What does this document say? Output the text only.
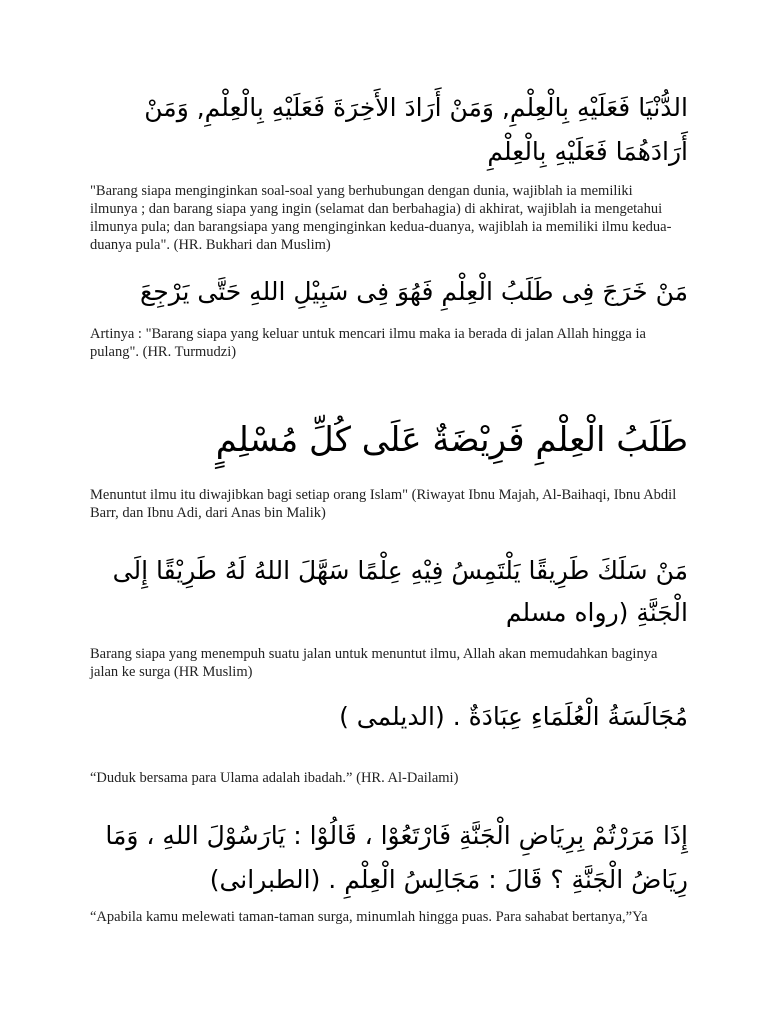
الدُّنْيَا فَعَلَيْهِ بِالْعِلْمِ, وَمَنْ أَرَادَ الأَخِرَةَ فَعَلَيْهِ بِالْعِلْمِ, وَمَنْ أَرَادَهُمَا فَعَلَيْهِ بِالْعِلْمِ
"Barang siapa menginginkan soal-soal yang berhubungan dengan dunia, wajiblah ia memiliki ilmunya ; dan barang siapa yang ingin (selamat dan berbahagia) di akhirat, wajiblah ia mengetahui ilmunya pula; dan barangsiapa yang menginginkan kedua-duanya, wajiblah ia memiliki ilmu kedua-duanya pula". (HR. Bukhari dan Muslim)
مَنْ خَرَجَ فِى طَلَبُ الْعِلْمِ فَهُوَ فِى سَبِيْلِ اللهِ حَتَّى يَرْجِعَ
Artinya : "Barang siapa yang keluar untuk mencari ilmu maka ia berada di jalan Allah hingga ia pulang". (HR. Turmudzi)
طَلَبُ الْعِلْمِ فَرِيْضَةٌ عَلَى كُلِّ مُسْلِمٍ
Menuntut ilmu itu diwajibkan bagi setiap orang Islam" (Riwayat Ibnu Majah, Al-Baihaqi, Ibnu Abdil Barr, dan Ibnu Adi, dari Anas bin Malik)
مَنْ سَلَكَ طَرِيقًا يَلْتَمِسُ فِيْهِ عِلْمًا سَهَّلَ اللهُ لَهُ طَرِيْقًا إِلَى الْجَنَّةِ (رواه مسلم
Barang siapa yang menempuh suatu jalan untuk menuntut ilmu, Allah akan memudahkan baginya jalan ke surga (HR Muslim)
مُجَالَسَةُ الْعُلَمَاءِ عِبَادَةٌ . (الديلمى )
“Duduk bersama para Ulama adalah ibadah.” (HR. Al-Dailami)
إِذَا مَرَرْتُمْ بِرِيَاضِ الْجَنَّةِ فَارْتَعُوْا ، قَالُوْا : يَارَسُوْلَ اللهِ ، وَمَا رِيَاضُ الْجَنَّةِ ؟ قَالَ : مَجَالِسُ الْعِلْمِ . (الطبرانى)
“Apabila kamu melewati taman-taman surga, minumlah hingga puas. Para sahabat bertanya,”Ya
